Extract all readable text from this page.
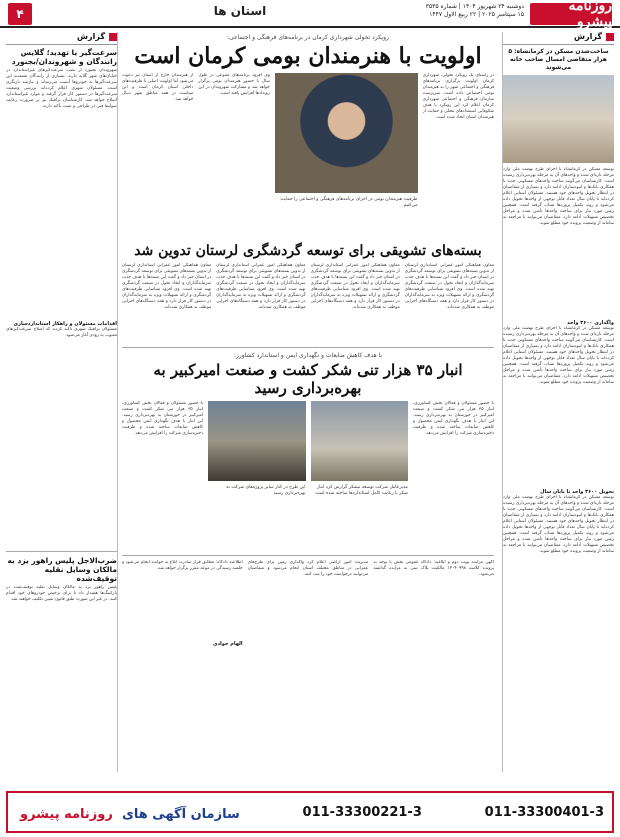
روزنامه پیشرو
دوشنبه ۲۴ شهریور ۱۴۰۴ | شماره ۳۵۳۵
۱۵ سپتامبر ۲۰۲۵ | ۲۲ ربیع الاول ۱۴۴۷
استان ها
۴
گزارش
ساخت‌شدن مسکن در کرمانشاه: ۵ هزار متقاضی امسال صاحب خانه می‌شوند
توسعه مسکن در کرمانشاه با اجرای طرح نهضت ملی وارد مرحله تازه‌ای شده و واحدهای آن به مرحله بهره‌برداری رسیده است. کارشناسان می‌گویند ساخت واحدهای مسکونی جدید با همکاری بانک‌ها و انبوه‌سازان ادامه دارد و بسیاری از متقاضیان در انتظار تحویل واحدهای خود هستند. مسئولان استانی اعلام کرده‌اند تا پایان سال تعداد قابل توجهی از واحدها تحویل داده می‌شود و روند تکمیل پروژه‌ها شتاب گرفته است. همچنین زمین مورد نیاز برای ساخت واحدها تأمین شده و مراحل تخصیص تسهیلات ادامه دارد. متقاضیان می‌توانند با مراجعه به سامانه از وضعیت پرونده خود مطلع شوند.
واگذاری ۳۶۰۰ واحد
توسعه مسکن در کرمانشاه با اجرای طرح نهضت ملی وارد مرحله تازه‌ای شده و واحدهای آن به مرحله بهره‌برداری رسیده است. کارشناسان می‌گویند ساخت واحدهای مسکونی جدید با همکاری بانک‌ها و انبوه‌سازان ادامه دارد و بسیاری از متقاضیان در انتظار تحویل واحدهای خود هستند. مسئولان استانی اعلام کرده‌اند تا پایان سال تعداد قابل توجهی از واحدها تحویل داده می‌شود و روند تکمیل پروژه‌ها شتاب گرفته است. همچنین زمین مورد نیاز برای ساخت واحدها تأمین شده و مراحل تخصیص تسهیلات ادامه دارد. متقاضیان می‌توانند با مراجعه به سامانه از وضعیت پرونده خود مطلع شوند.
تحویل ۳۶۰۰ واحد تا پایان سال
توسعه مسکن در کرمانشاه با اجرای طرح نهضت ملی وارد مرحله تازه‌ای شده و واحدهای آن به مرحله بهره‌برداری رسیده است. کارشناسان می‌گویند ساخت واحدهای مسکونی جدید با همکاری بانک‌ها و انبوه‌سازان ادامه دارد و بسیاری از متقاضیان در انتظار تحویل واحدهای خود هستند. مسئولان استانی اعلام کرده‌اند تا پایان سال تعداد قابل توجهی از واحدها تحویل داده می‌شود و روند تکمیل پروژه‌ها شتاب گرفته است. همچنین زمین مورد نیاز برای ساخت واحدها تأمین شده و مراحل تخصیص تسهیلات ادامه دارد. متقاضیان می‌توانند با مراجعه به سامانه از وضعیت پرونده خود مطلع شوند.
رویکرد تحولی شهرداری کرمان در برنامه‌های فرهنگی و اجتماعی:
اولویت با هنرمندان بومی کرمان است
در راستای یک رویکرد تحولی، شهرداری کرمان اولویت برگزاری برنامه‌های فرهنگی و اجتماعی شهر را به هنرمندان بومی اختصاص داده است. سرپرست سازمان فرهنگی و اجتماعی شهرداری کرمان اعلام کرد این رویکرد با هدف شکوفایی استعدادهای محلی و حمایت از هنرمندان استان اتخاذ شده است.
ظرفیت هنرمندان بومی در اجرای برنامه‌های فرهنگی و اجتماعی را حمایت می‌کنیم
وی افزود برنامه‌های متنوعی در طول سال با حضور هنرمندان بومی برگزار خواهد شد و مشارکت شهروندان در این رویدادها افزایش یافته است.
از هنرمندان خارج از استان نیز دعوت می‌شود اما اولویت اصلی با ظرفیت‌های داخلی استان کرمان است و این سیاست در همه مناطق شهر دنبال خواهد شد.
بسته‌های تشویقی برای توسعه گردشگری لرستان تدوین شد
معاون هماهنگی امور عمرانی استانداری لرستان از تدوین بسته‌های تشویقی برای توسعه گردشگری در استان خبر داد و گفت این بسته‌ها با هدف جذب سرمایه‌گذاران و ایجاد تحول در صنعت گردشگری تهیه شده است. وی افزود شناسایی ظرفیت‌های گردشگری و ارائه تسهیلات ویژه به سرمایه‌گذاران در دستور کار قرار دارد و همه دستگاه‌های اجرایی موظف به همکاری شده‌اند.
معاون هماهنگی امور عمرانی استانداری لرستان از تدوین بسته‌های تشویقی برای توسعه گردشگری در استان خبر داد و گفت این بسته‌ها با هدف جذب سرمایه‌گذاران و ایجاد تحول در صنعت گردشگری تهیه شده است. وی افزود شناسایی ظرفیت‌های گردشگری و ارائه تسهیلات ویژه به سرمایه‌گذاران در دستور کار قرار دارد و همه دستگاه‌های اجرایی موظف به همکاری شده‌اند.
معاون هماهنگی امور عمرانی استانداری لرستان از تدوین بسته‌های تشویقی برای توسعه گردشگری در استان خبر داد و گفت این بسته‌ها با هدف جذب سرمایه‌گذاران و ایجاد تحول در صنعت گردشگری تهیه شده است. وی افزود شناسایی ظرفیت‌های گردشگری و ارائه تسهیلات ویژه به سرمایه‌گذاران در دستور کار قرار دارد و همه دستگاه‌های اجرایی موظف به همکاری شده‌اند.
معاون هماهنگی امور عمرانی استانداری لرستان از تدوین بسته‌های تشویقی برای توسعه گردشگری در استان خبر داد و گفت این بسته‌ها با هدف جذب سرمایه‌گذاران و ایجاد تحول در صنعت گردشگری تهیه شده است. وی افزود شناسایی ظرفیت‌های گردشگری و ارائه تسهیلات ویژه به سرمایه‌گذاران در دستور کار قرار دارد و همه دستگاه‌های اجرایی موظف به همکاری شده‌اند.
با هدف کاهش ضایعات و نگهداری ایمن و استاندارد کشاورز:
انبار ۳۵ هزار تنی شکر کشت و صنعت امیرکبیر به بهره‌برداری رسید
با حضور مسئولان و فعالان بخش کشاورزی، انبار ۳۵ هزار تنی شکر کشت و صنعت امیرکبیر در خوزستان به بهره‌برداری رسید. این انبار با هدف نگهداری ایمن محصول و کاهش ضایعات ساخته شده و ظرفیت ذخیره‌سازی شرکت را افزایش می‌دهد.
مدیرعامل شرکت توسعه نیشکر گزارش کرد انبار شکر با رعایت کامل استانداردها ساخته شده است
این طرح در کنار سایر پروژه‌های شرکت به بهره‌برداری رسید
با حضور مسئولان و فعالان بخش کشاورزی، انبار ۳۵ هزار تنی شکر کشت و صنعت امیرکبیر در خوزستان به بهره‌برداری رسید. این انبار با هدف نگهداری ایمن محصول و کاهش ضایعات ساخته شده و ظرفیت ذخیره‌سازی شرکت را افزایش می‌دهد.
آگهی مزایده نوبت دوم و ابلاغیه: دادگاه عمومی بخش با توجه به پرونده کلاسه ۱۴۰۴۰۹۹۸ مالکیت پلاک ثبتی به مزایده گذاشته می‌شود.
مدیریت امور اراضی اعلام کرد واگذاری زمین برای طرح‌های عمرانی در مناطق مختلف استان انجام می‌شود و متقاضیان می‌توانند درخواست خود را ثبت کنند.
اطلاعیه دادگاه: مطابق قرار صادره، ابلاغ به خوانده انجام می‌شود و جلسه رسیدگی در موعد مقرر برگزار خواهد شد.
الهام جوادی
گزارش
سرعت‌گیر یا تهدید؛ گلایس رانندگان و شهروندان/بجنورد
شهروندان بجنورد از نصب سرعت‌گیرهای غیراستاندارد در خیابان‌های شهر گلایه دارند. بسیاری از رانندگان معتقدند این سرعت‌گیرها به خودروها آسیب می‌رساند و نیازمند بازنگری است. مسئولان شهری اعلام کرده‌اند بررسی وضعیت سرعت‌گیرها در دستور کار قرار گرفته و موارد غیراستاندارد اصلاح خواهد شد. کارشناسان ترافیک نیز بر ضرورت رعایت ضوابط فنی در طراحی و نصب تأکید دارند.
اقدامات مسئولان و راهکار استانداردسازی
مسئولان ترافیک شهری تأکید کردند که اصلاح سرعت‌گیرهای معیوب به زودی آغاز می‌شود.
ضرب‌الاجل پلیس راهور یزد به مالکان وسایل نقلیه توقیف‌شده
پلیس راهور یزد به مالکان وسایل نقلیه توقیف‌شده در پارکینگ‌ها هشدار داد تا برای ترخیص خودروهای خود اقدام کنند. در غیر این صورت طبق قانون تعیین تکلیف خواهند شد.
011-33300401-3
011-33300221-3
سازمان آگهی های روزنامه پیشرو
